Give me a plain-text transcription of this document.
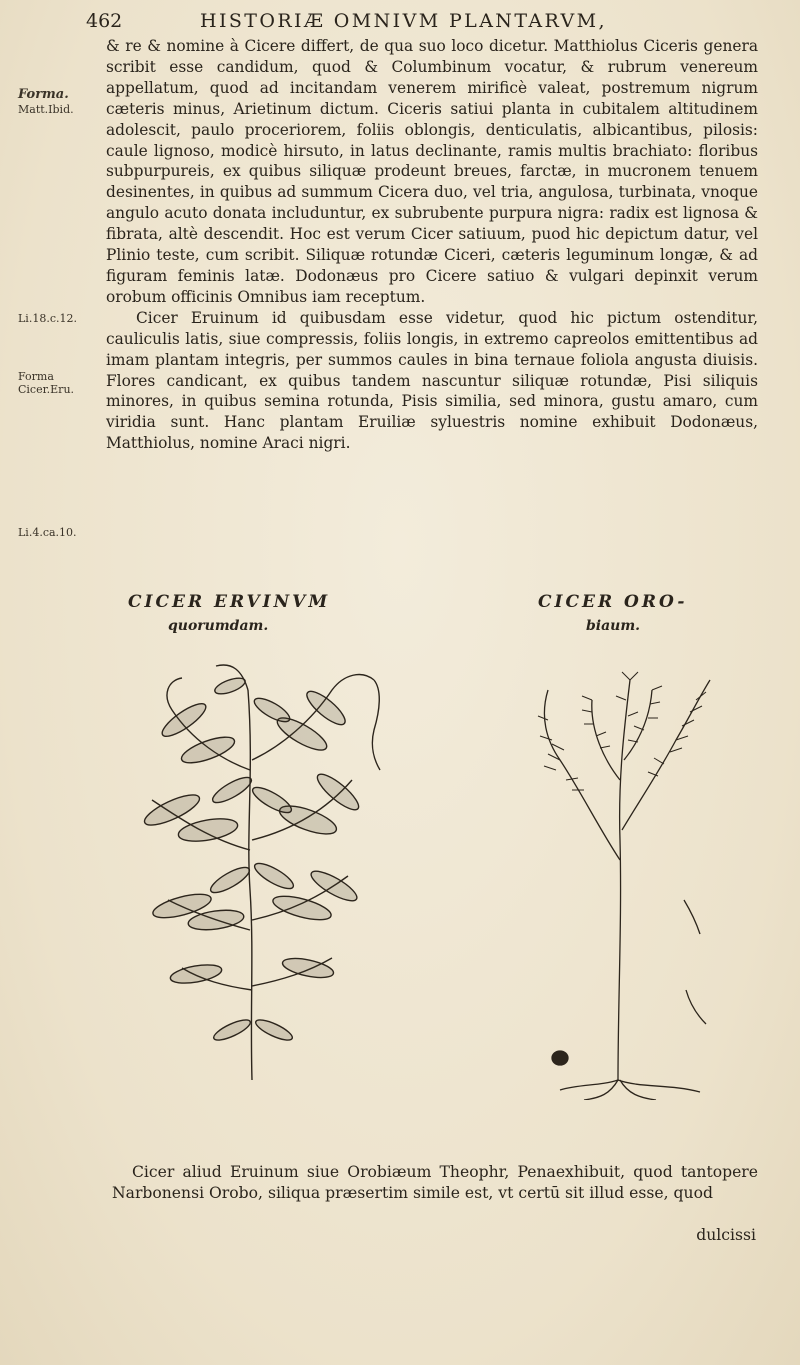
462	HISTORIÆ OMNIVM PLANTARVM,
Forma.
Matt.Ibid.
Li.18.c.12.
Forma Cicer.Eru.
Li.4.ca.10.

& re & nomine à Cicere differt, de qua suo loco dicetur. Matthiolus Ciceris genera scribit esse candidum, quod & Columbinum vocatur, & rubrum venereum appellatum, quod ad incitandam venerem mirificè valeat, postremum nigrum cæteris minus, Arietinum dictum. Ciceris satiui planta in cubitalem altitudinem adolescit, paulo proceriorem, foliis oblongis, denticulatis, albicantibus, pilosis: caule lignoso, modicè hirsuto, in latus declinante, ramis multis brachiato: floribus subpurpureis, ex quibus siliquæ prodeunt breues, farctæ, in mucronem tenuem desinentes, in quibus ad summum Cicera duo, vel tria, angulosa, turbinata, vnoque angulo acuto donata includuntur, ex subrubente purpura nigra: radix est lignosa & fibrata, altè descendit. Hoc est verum Cicer satiuum, puod hic depictum datur, vel Plinio teste, cum scribit. Siliquæ rotundæ Ciceri, cæteris leguminum longæ, & ad figuram feminis latæ. Dodonæus pro Cicere satiuo & vulgari depinxit verum orobum officinis Omnibus iam receptum.

Cicer Eruinum id quibusdam esse videtur, quod hic pictum ostenditur, cauliculis latis, siue compressis, foliis longis, in extremo capreolos emittentibus ad imam plantam integris, per summos caules in bina ternaue foliola angusta diuisis. Flores candicant, ex quibus tandem nascuntur siliquæ rotundæ, Pisi siliquis minores, in quibus semina rotunda, Pisis similia, sed minora, gustu amaro, cum viridia sunt. Hanc plantam Eruiliæ syluestris nomine exhibuit Dodonæus, Matthiolus, nomine Araci nigri.

CICER ERVINVM
quorumdam.
CICER ORO-
biaum.

Cicer aliud Eruinum siue Orobiæum Theophr, Penaexhibuit, quod tantopere Narbonensi Orobo, siliqua præsertim simile est, vt certū sit illud esse, quod

dulcissi
